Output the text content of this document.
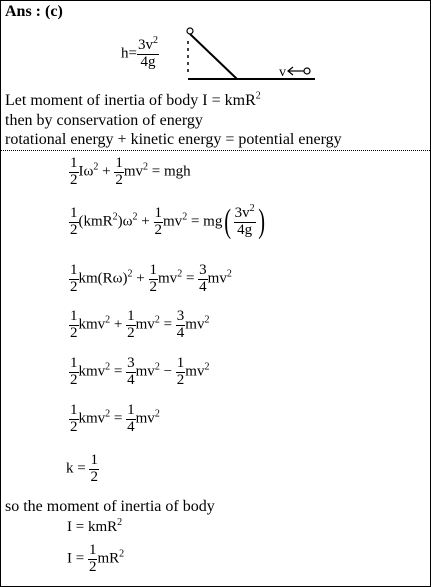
Ans : (c)
v
$h= \frac{3v^2}{4g}$
Let moment of inertia of body I = kmR$^2$
then by conservation of energy
rotational energy + kinetic energy = potential energy
$\frac{1}{2} I\omega^2 + \frac{1}{2} mv^2$ = mgh
$\frac{1}{2} (kmR^2)\omega^2 + \frac{1}{2} mv^2 = mg( \frac{3v^2}{4g}$ )
$\frac{1}{2} km(R\omega)^2 + \frac{1}{2} mv^2 = \frac{3}{4} mv^2$
$\frac{1}{2} kmv^2 + \frac{1}{2} mv^2 = \frac{3}{4} mv^2$
$\frac{1}{2} kmv^2 = \frac{3}{4} mv^2 - \frac{1}{2} mv^2$
$\frac{1}{2} kmv^2 = \frac{1}{4} mv^2$
$k = \frac{1}{2}$
so the moment of inertia of body
I = kmR$^2$
$I = \frac{1}{2} mR^2$
